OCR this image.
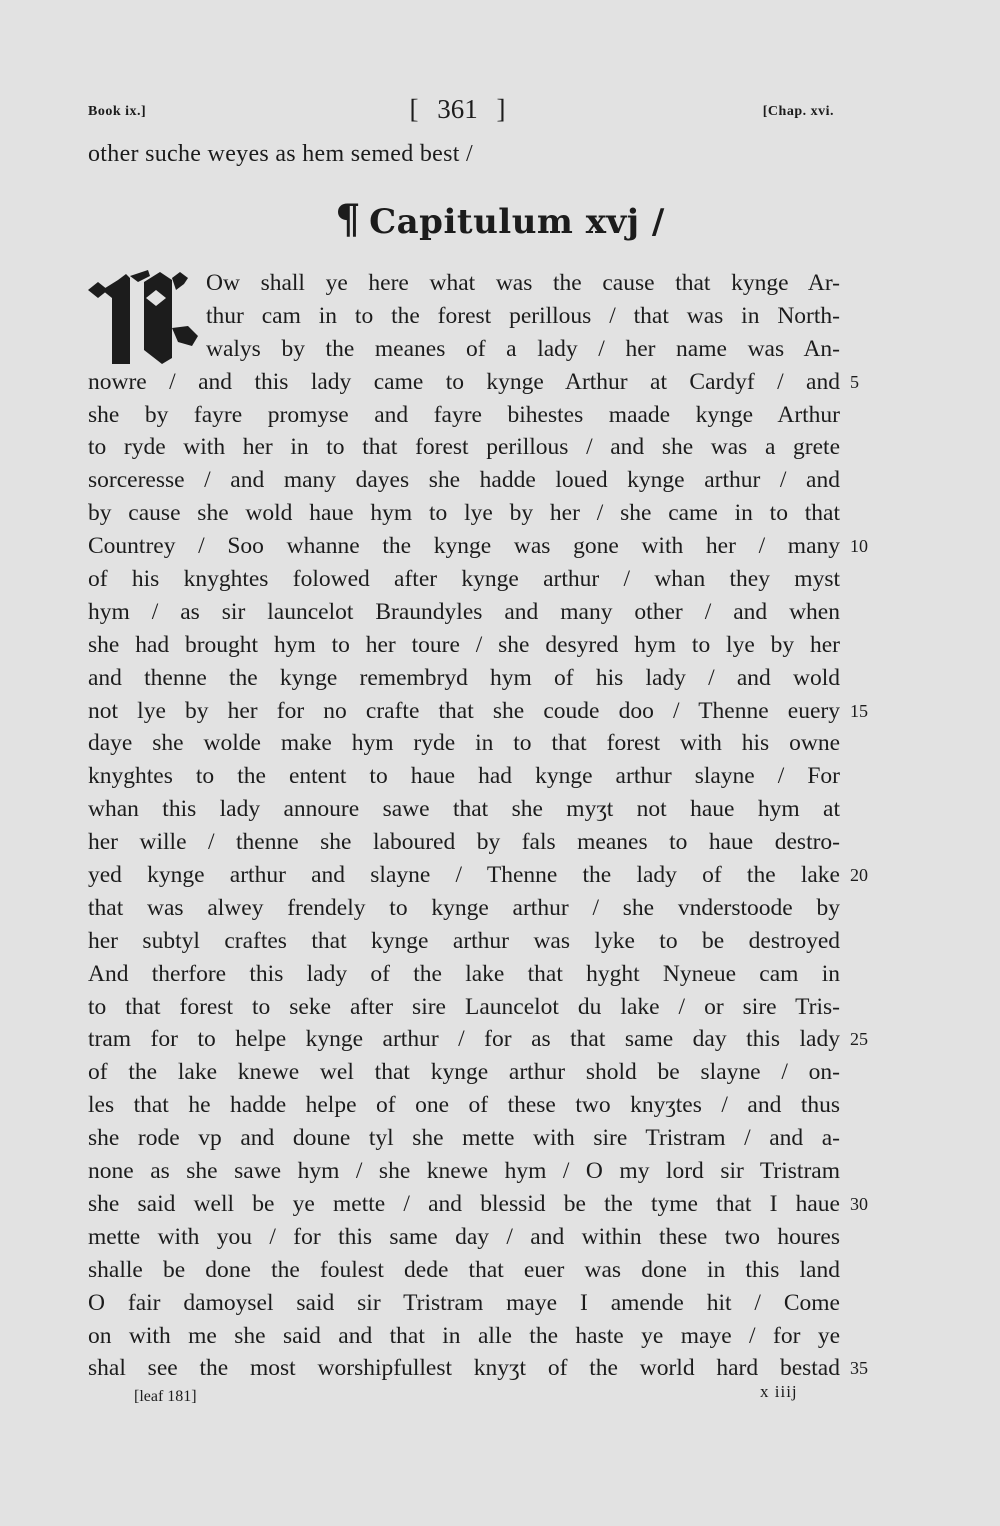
Book ix.]	[ 361 ]	[Chap. xvi.
other suche weyes as hem semed best /
¶ Capitulum xvj /
Ow shall ye here what was the cause that kynge Ar-
thur cam in to the forest perillous / that was in North-
walys by the meanes of a lady / her name was An-
nowre / and this lady came to kynge Arthur at Cardyf / and 5
she by fayre promyse and fayre bihestes maade kynge Arthur
to ryde with her in to that forest perillous / and she was a grete
sorceresse / and many dayes she hadde loued kynge arthur / and
by cause she wold haue hym to lye by her / she came in to that
Countrey / Soo whanne the kynge was gone with her / many 10
of his knyghtes folowed after kynge arthur / whan they myst
hym / as sir launcelot Braundyles and many other / and when
she had brought hym to her toure / she desyred hym to lye by her
and thenne the kynge remembryd hym of his lady / and wold
not lye by her for no crafte that she coude doo / Thenne euery 15
daye she wolde make hym ryde in to that forest with his owne
knyghtes to the entent to haue had kynge arthur slayne / For
whan this lady annoure sawe that she myʒt not haue hym at
her wille / thenne she laboured by fals meanes to haue destro-
yed kynge arthur and slayne / Thenne the lady of the lake 20
that was alwey frendely to kynge arthur / she vnderstoode by
her subtyl craftes that kynge arthur was lyke to be destroyed
And therfore this lady of the lake that hyght Nyneue cam in
to that forest to seke after sire Launcelot du lake / or sire Tris-
tram for to helpe kynge arthur / for as that same day this lady 25
of the lake knewe wel that kynge arthur shold be slayne / on-
les that he hadde helpe of one of these two knyʒtes / and thus
she rode vp and doune tyl she mette with sire Tristram / and a-
none as she sawe hym / she knewe hym / O my lord sir Tristram
she said well be ye mette / and blessid be the tyme that I haue 30
mette with you / for this same day / and within these two houres
shalle be done the foulest dede that euer was done in this land
O fair damoysel said sir Tristram maye I amende hit / Come
on with me she said and that in alle the haste ye maye / for ye
shal see the most worshipfullest knyʒt of the world hard bestad 35
[leaf 181]	x iiij
